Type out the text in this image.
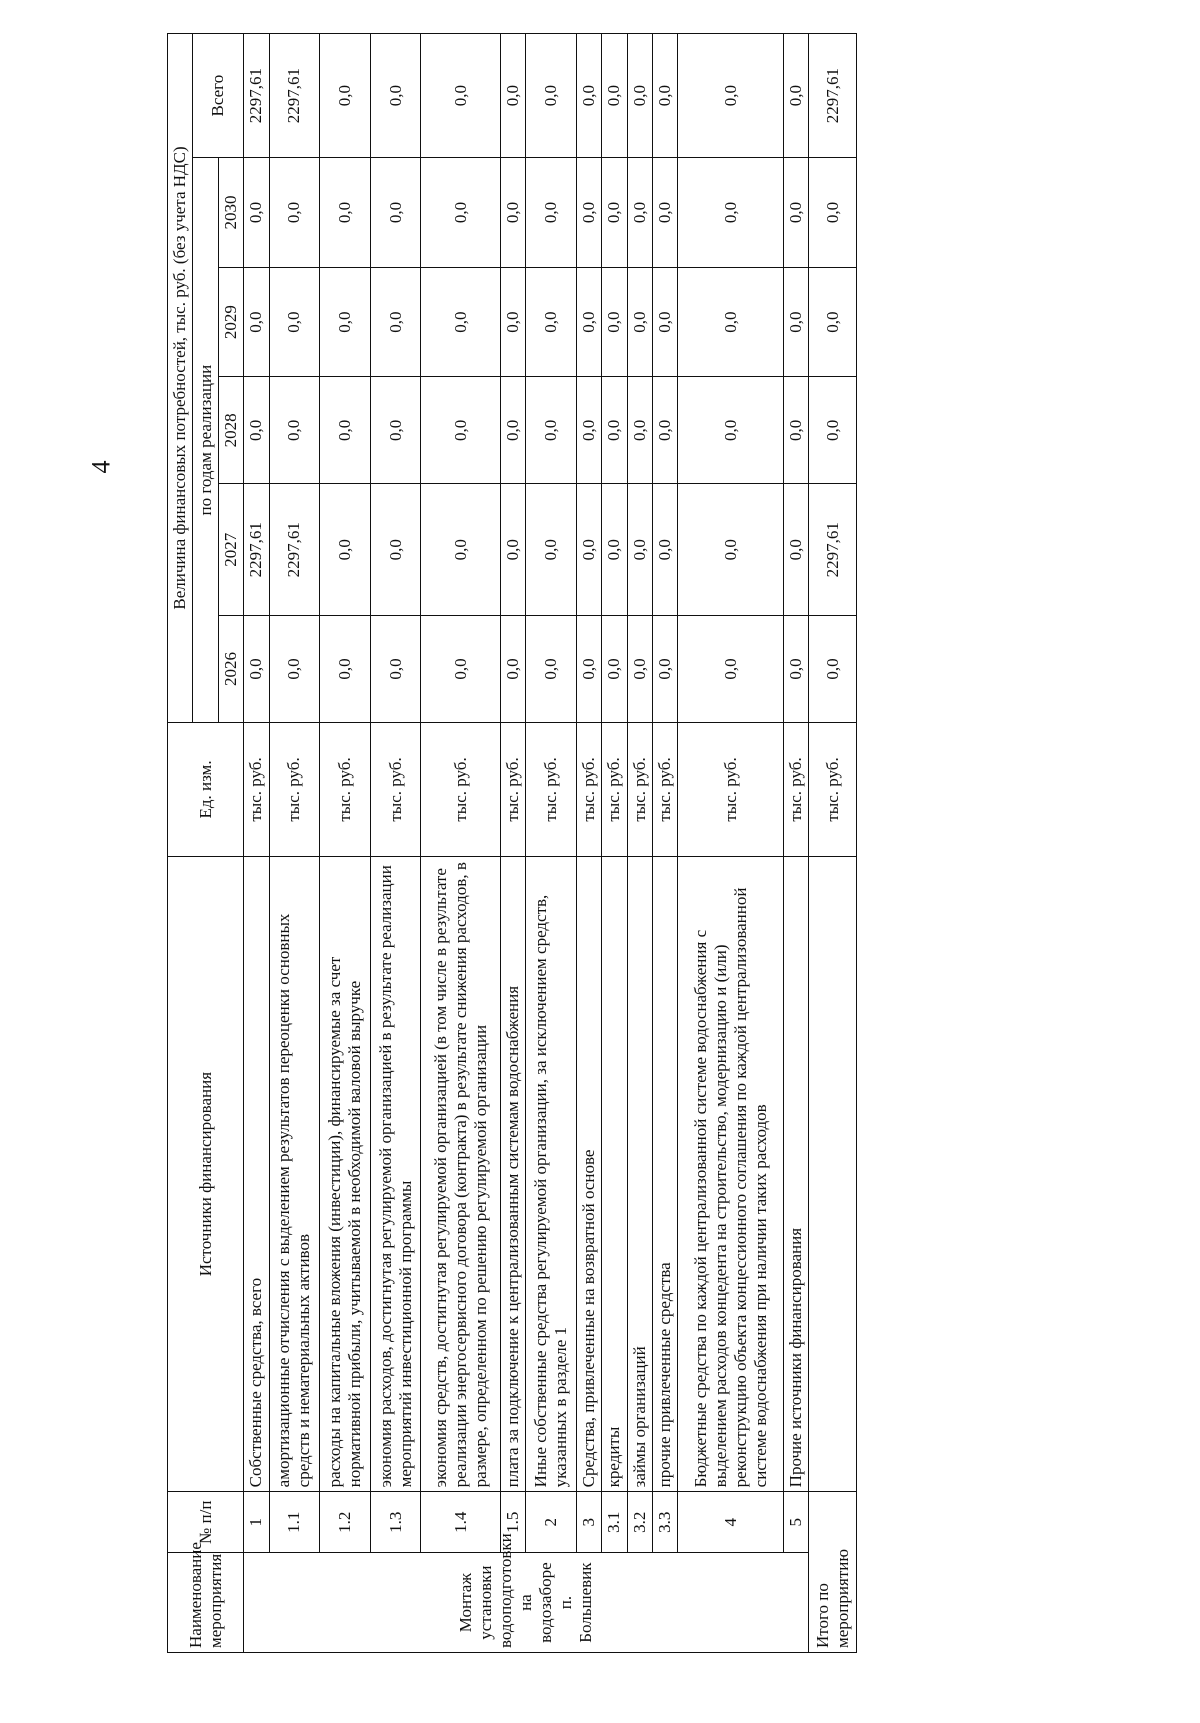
4
Наименование мероприятия	№ п/п	Источники финансирования	Ед. изм.	Величина финансовых потребностей, тыс. руб. (без учета НДС)					
				по годам реализации					Всего
				2026	2027	2028	2029	2030	
Монтаж установки водоподготовки на водозаборе п. Большевик	1	Собственные средства, всего	тыс. руб.	0,0	2297,61	0,0	0,0	0,0	2297,61
	1.1	амортизационные отчисления с выделением результатов переоценки основных средств и нематериальных активов	тыс. руб.	0,0	2297,61	0,0	0,0	0,0	2297,61
	1.2	расходы на капитальные вложения (инвестиции), финансируемые за счет нормативной прибыли, учитываемой в необходимой валовой выручке	тыс. руб.	0,0	0,0	0,0	0,0	0,0	0,0
	1.3	экономия расходов, достигнутая регулируемой организацией в результате реализации мероприятий инвестиционной программы	тыс. руб.	0,0	0,0	0,0	0,0	0,0	0,0
	1.4	экономия средств, достигнутая регулируемой организацией (в том числе в результате реализации энергосервисного договора (контракта) в результате снижения расходов, в размере, определенном по решению регулируемой организации	тыс. руб.	0,0	0,0	0,0	0,0	0,0	0,0
	1.5	плата за подключение к централизованным системам водоснабжения	тыс. руб.	0,0	0,0	0,0	0,0	0,0	0,0
	2	Иные собственные средства регулируемой организации, за исключением средств, указанных в разделе 1	тыс. руб.	0,0	0,0	0,0	0,0	0,0	0,0
	3	Средства, привлеченные на возвратной основе	тыс. руб.	0,0	0,0	0,0	0,0	0,0	0,0
	3.1	кредиты	тыс. руб.	0,0	0,0	0,0	0,0	0,0	0,0
	3.2	займы организаций	тыс. руб.	0,0	0,0	0,0	0,0	0,0	0,0
	3.3	прочие привлеченные средства	тыс. руб.	0,0	0,0	0,0	0,0	0,0	0,0
	4	Бюджетные средства по каждой централизованной системе водоснабжения с выделением расходов концедента на строительство, модернизацию и (или) реконструкцию объекта концессионного соглашения по каждой централизованной системе водоснабжения при наличии таких расходов	тыс. руб.	0,0	0,0	0,0	0,0	0,0	0,0
	5	Прочие источники финансирования	тыс. руб.	0,0	0,0	0,0	0,0	0,0	0,0
Итого по мероприятию			тыс. руб.	0,0	2297,61	0,0	0,0	0,0	2297,61
